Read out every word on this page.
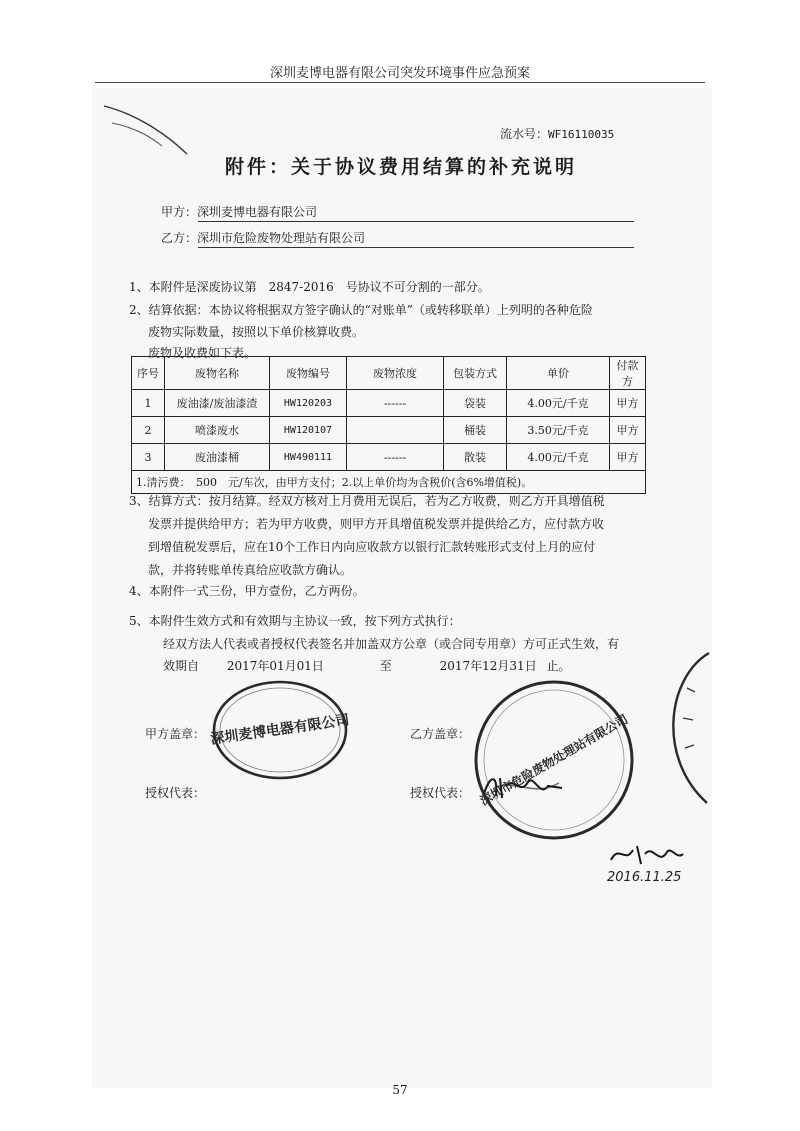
深圳麦博电器有限公司突发环境事件应急预案
流水号：WF16110035
附件：关于协议费用结算的补充说明
甲方：深圳麦博电器有限公司
乙方：深圳市危险废物处理站有限公司
1、本附件是深废协议第　2847-2016　号协议不可分割的一部分。
2、结算依据：本协议将根据双方签字确认的“对账单”（或转移联单）上列明的各种危险
废物实际数量，按照以下单价核算收费。
废物及收费如下表。
序号	废物名称	废物编号	废物浓度	包装方式	单价	付款方
1	废油漆/废油漆渣	HW120203	------	袋装	4.00元/千克	甲方
2	喷漆废水	HW120107		桶装	3.50元/千克	甲方
3	废油漆桶	HW490111	------	散装	4.00元/千克	甲方
1.清污费：　500　元/车次，由甲方支付；2.以上单价均为含税价(含6%增值税)。						
3、结算方式：按月结算。经双方核对上月费用无误后，若为乙方收费，则乙方开具增值税
发票并提供给甲方；若为甲方收费，则甲方开具增值税发票并提供给乙方，应付款方收
到增值税发票后，应在10个工作日内向应收款方以银行汇款转账形式支付上月的应付
款，并将转账单传真给应收款方确认。
4、本附件一式三份，甲方壹份，乙方两份。
5、本附件生效方式和有效期与主协议一致，按下列方式执行：
经双方法人代表或者授权代表签名并加盖双方公章（或合同专用章）方可正式生效，有
效期自 2017年01月01日	至	2017年12月31日 止。
深圳麦博电器有限公司
甲方盖章：	乙方盖章：
授权代表：	授权代表： 深圳市危险废物处理站有限公司
2016.11.25
57
